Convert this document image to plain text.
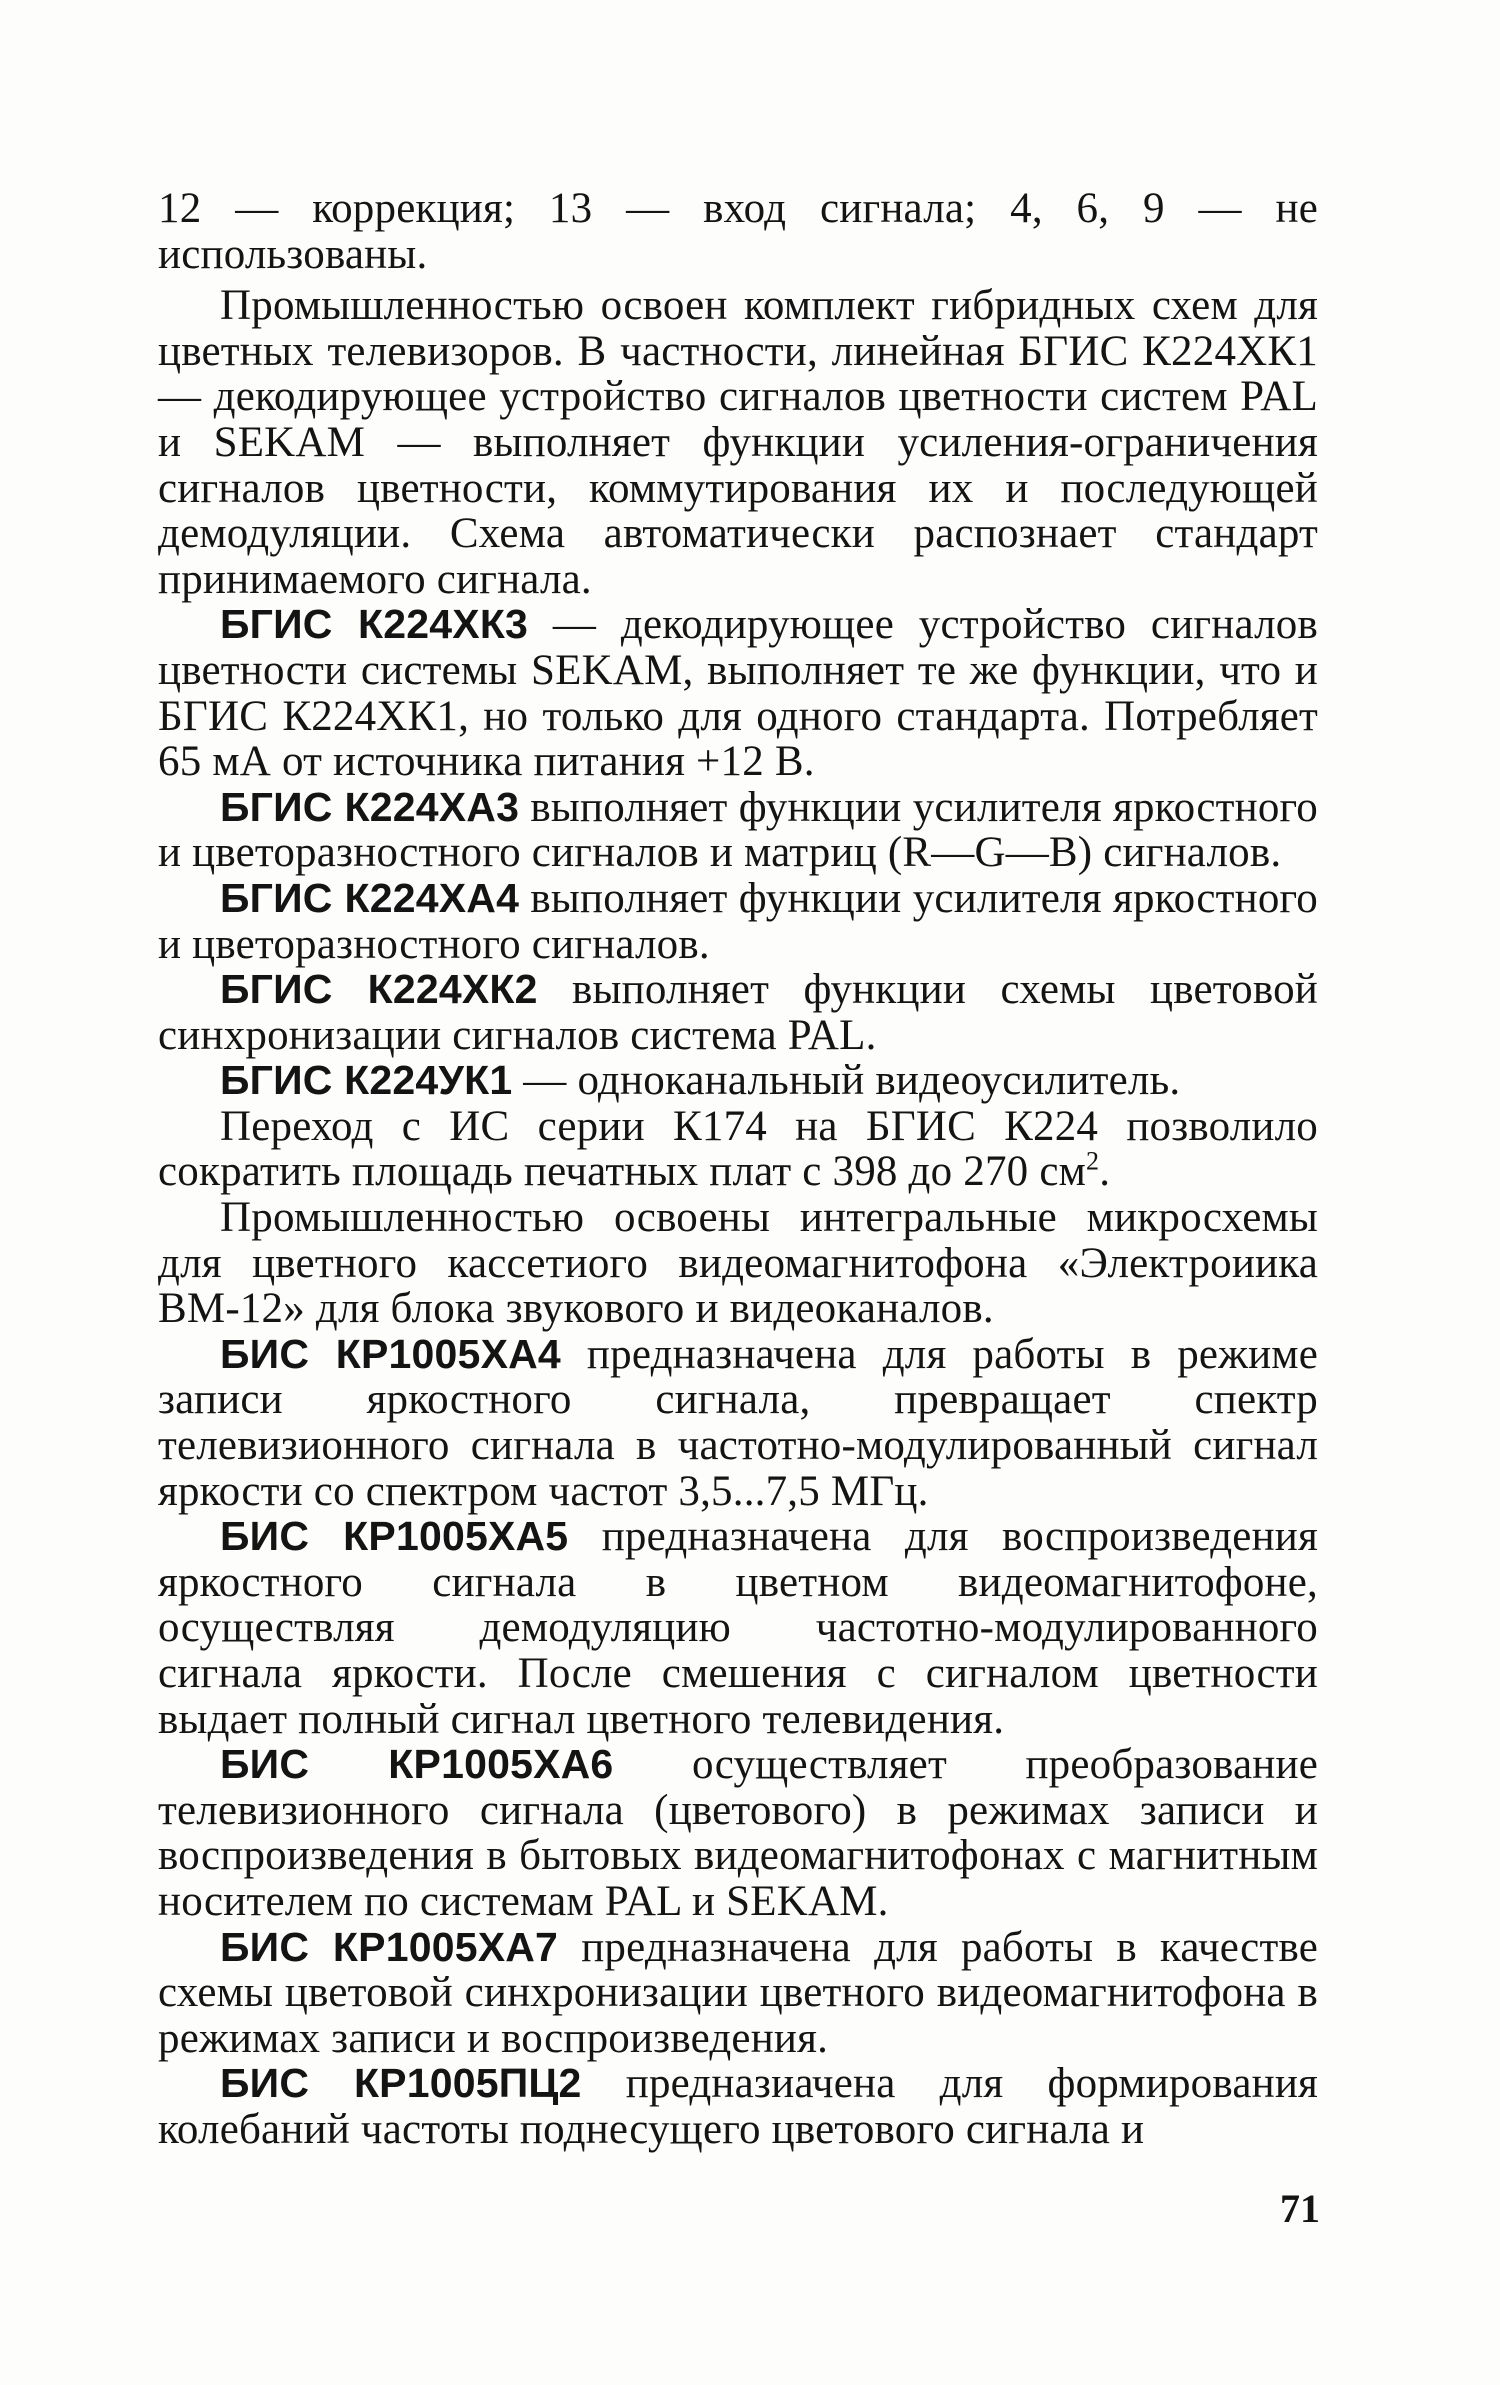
12 — коррекция; 13 — вход сигнала; 4, 6, 9 — не использованы.

Промышленностью освоен комплект гибридных схем для цветных телевизоров. В частности, линейная БГИС К224ХК1 — декодирующее устройство сигналов цветности систем PAL и SEKAM — выполняет функции усиления-ограничения сигналов цветности, коммутирования их и последующей демодуляции. Схема автоматически распознает стандарт принимаемого сигнала.

БГИС К224ХК3 — декодирующее устройство сигналов цветности системы SEKAM, выполняет те же функции, что и БГИС К224ХК1, но только для одного стандарта. Потребляет 65 мА от источника питания +12 В.

БГИС К224ХА3 выполняет функции усилителя яркостного и цветоразностного сигналов и матриц (R—G—B) сигналов.

БГИС К224ХА4 выполняет функции усилителя яркостного и цветоразностного сигналов.

БГИС К224ХК2 выполняет функции схемы цветовой синхронизации сигналов система PAL.

БГИС К224УК1 — одноканальный видеоусилитель.

Переход с ИС серии К174 на БГИС К224 позволило сократить площадь печатных плат с 398 до 270 $см^2$.

Промышленностью освоены интегральные микросхемы для цветного кассетиого видеомагнитофона «Электроиика ВМ-12» для блока звукового и видеоканалов.

БИС КР1005ХА4 предназначена для работы в режиме записи яркостного сигнала, превращает спектр телевизионного сигнала в частотно-модулированный сигнал яркости со спектром частот 3,5...7,5 МГц.

БИС КР1005ХА5 предназначена для воспроизведения яркостного сигнала в цветном видеомагнитофоне, осуществляя демодуляцию частотно-модулированного сигнала яркости. После смешения с сигналом цветности выдает полный сигнал цветного телевидения.

БИС КР1005ХА6 осуществляет преобразование телевизионного сигнала (цветового) в режимах записи и воспроизведения в бытовых видеомагнитофонах с магнитным носителем по системам PAL и SEKAM.

БИС КР1005ХА7 предназначена для работы в качестве схемы цветовой синхронизации цветного видеомагнитофона в режимах записи и воспроизведения.

БИС КР1005ПЦ2 предназиачена для формирования колебаний частоты поднесущего цветового сигнала и

71
